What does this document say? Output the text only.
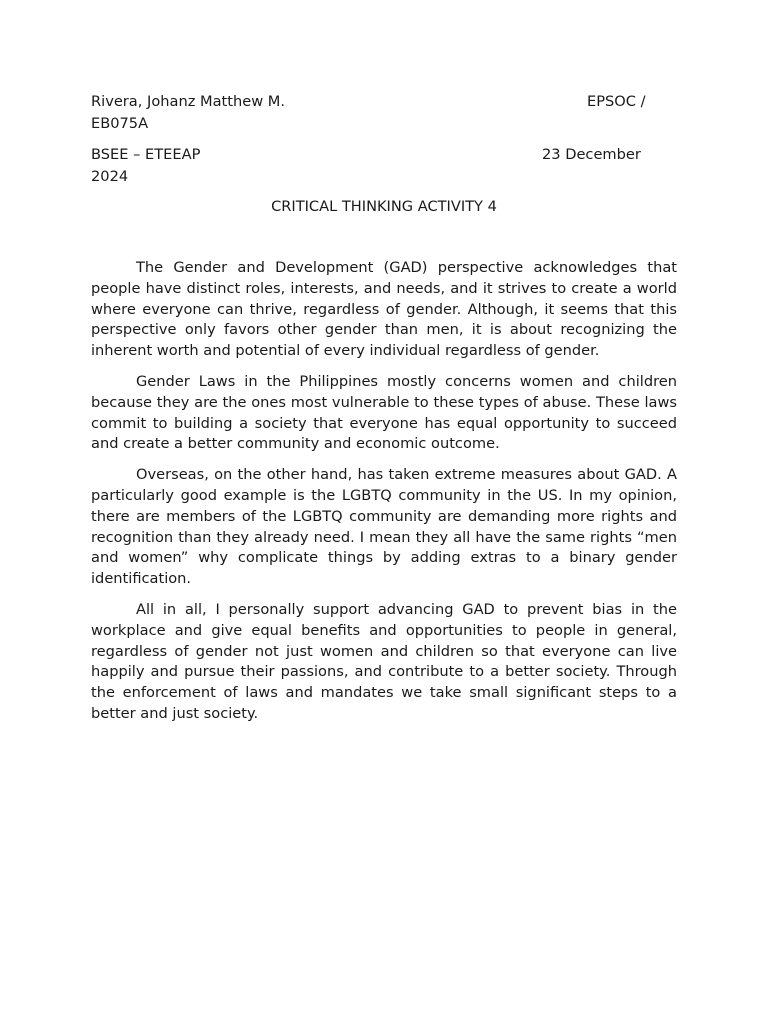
Rivera, Johanz Matthew M.	EPSOC /
EB075A
BSEE – ETEEAP	23 December
2024
CRITICAL THINKING ACTIVITY 4

The Gender and Development (GAD) perspective acknowledges that people have distinct roles, interests, and needs, and it strives to create a world where everyone can thrive, regardless of gender. Although, it seems that this perspective only favors other gender than men, it is about recognizing the inherent worth and potential of every individual regardless of gender.

Gender Laws in the Philippines mostly concerns women and children because they are the ones most vulnerable to these types of abuse. These laws commit to building a society that everyone has equal opportunity to succeed and create a better community and economic outcome.

Overseas, on the other hand, has taken extreme measures about GAD. A particularly good example is the LGBTQ community in the US. In my opinion, there are members of the LGBTQ community are demanding more rights and recognition than they already need. I mean they all have the same rights “men and women” why complicate things by adding extras to a binary gender identification.

All in all, I personally support advancing GAD to prevent bias in the workplace and give equal benefits and opportunities to people in general, regardless of gender not just women and children so that everyone can live happily and pursue their passions, and contribute to a better society. Through the enforcement of laws and mandates we take small significant steps to a better and just society.
